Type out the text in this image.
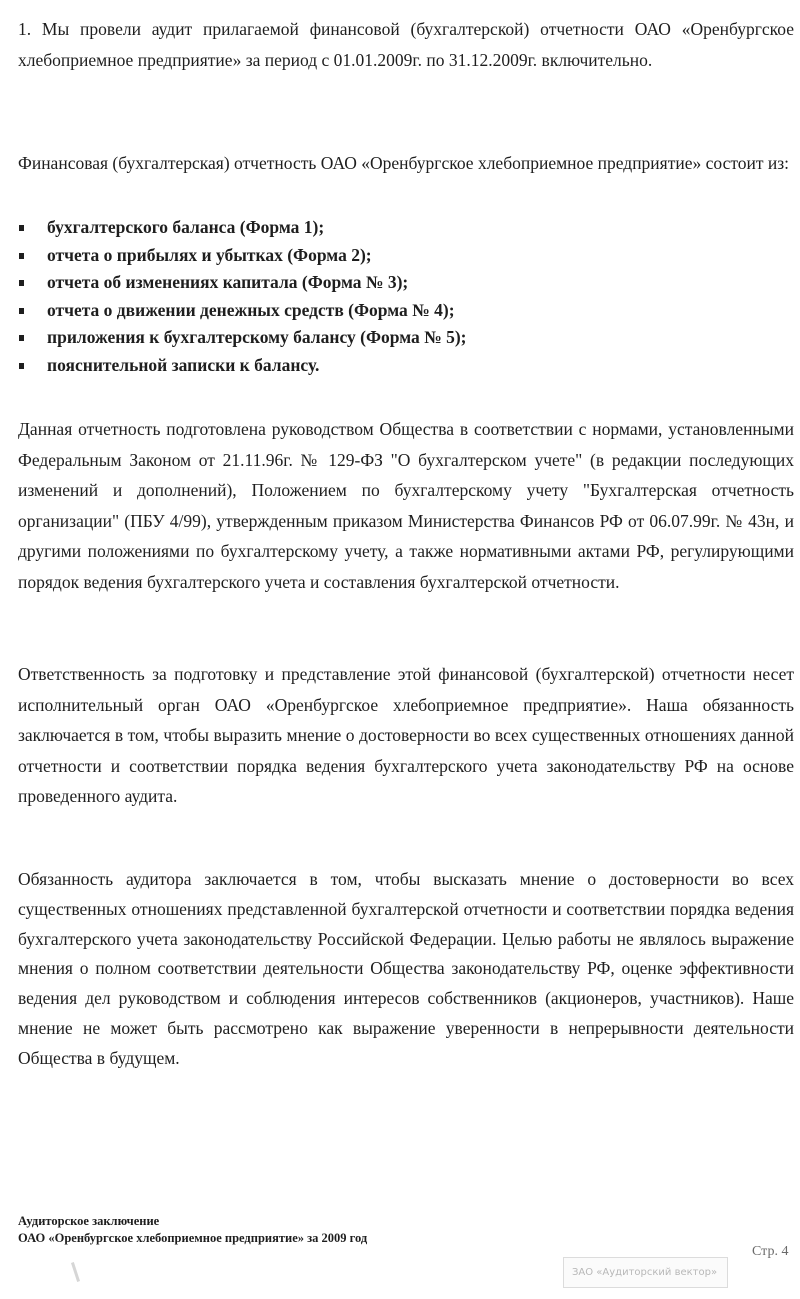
1. Мы провели аудит прилагаемой финансовой (бухгалтерской) отчетности ОАО «Оренбургское хлебоприемное предприятие» за период с 01.01.2009г. по 31.12.2009г. включительно.

Финансовая (бухгалтерская) отчетность ОАО «Оренбургское хлебоприемное предприятие» состоит из:

бухгалтерского баланса (Форма 1);
отчета о прибылях и убытках (Форма 2);
отчета об изменениях капитала (Форма № 3);
отчета о движении денежных средств (Форма № 4);
приложения к бухгалтерскому балансу (Форма № 5);
пояснительной записки к балансу.

Данная отчетность подготовлена руководством Общества в соответствии с нормами, установленными Федеральным Законом от 21.11.96г. № 129-ФЗ "О бухгалтерском учете" (в редакции последующих изменений и дополнений), Положением по бухгалтерскому учету "Бухгалтерская отчетность организации" (ПБУ 4/99), утвержденным приказом Министерства Финансов РФ от 06.07.99г. № 43н, и другими положениями по бухгалтерскому учету, а также нормативными актами РФ, регулирующими порядок ведения бухгалтерского учета и составления бухгалтерской отчетности.

Ответственность за подготовку и представление этой финансовой (бухгалтерской) отчетности несет исполнительный орган ОАО «Оренбургское хлебоприемное предприятие». Наша обязанность заключается в том, чтобы выразить мнение о достоверности во всех существенных отношениях данной отчетности и соответствии порядка ведения бухгалтерского учета законодательству РФ на основе проведенного аудита.

Обязанность аудитора заключается в том, чтобы высказать мнение о достоверности во всех существенных отношениях представленной бухгалтерской отчетности и соответствии порядка ведения бухгалтерского учета законодательству Российской Федерации. Целью работы не являлось выражение мнения о полном соответствии деятельности Общества законодательству РФ, оценке эффективности ведения дел руководством и соблюдения интересов собственников (акционеров, участников). Наше мнение не может быть рассмотрено как выражение уверенности в непрерывности деятельности Общества в будущем.

Аудиторское заключение
ОАО «Оренбургское хлебоприемное предприятие» за 2009 год
Стр. 4
ЗАО «Аудиторский вектор»
